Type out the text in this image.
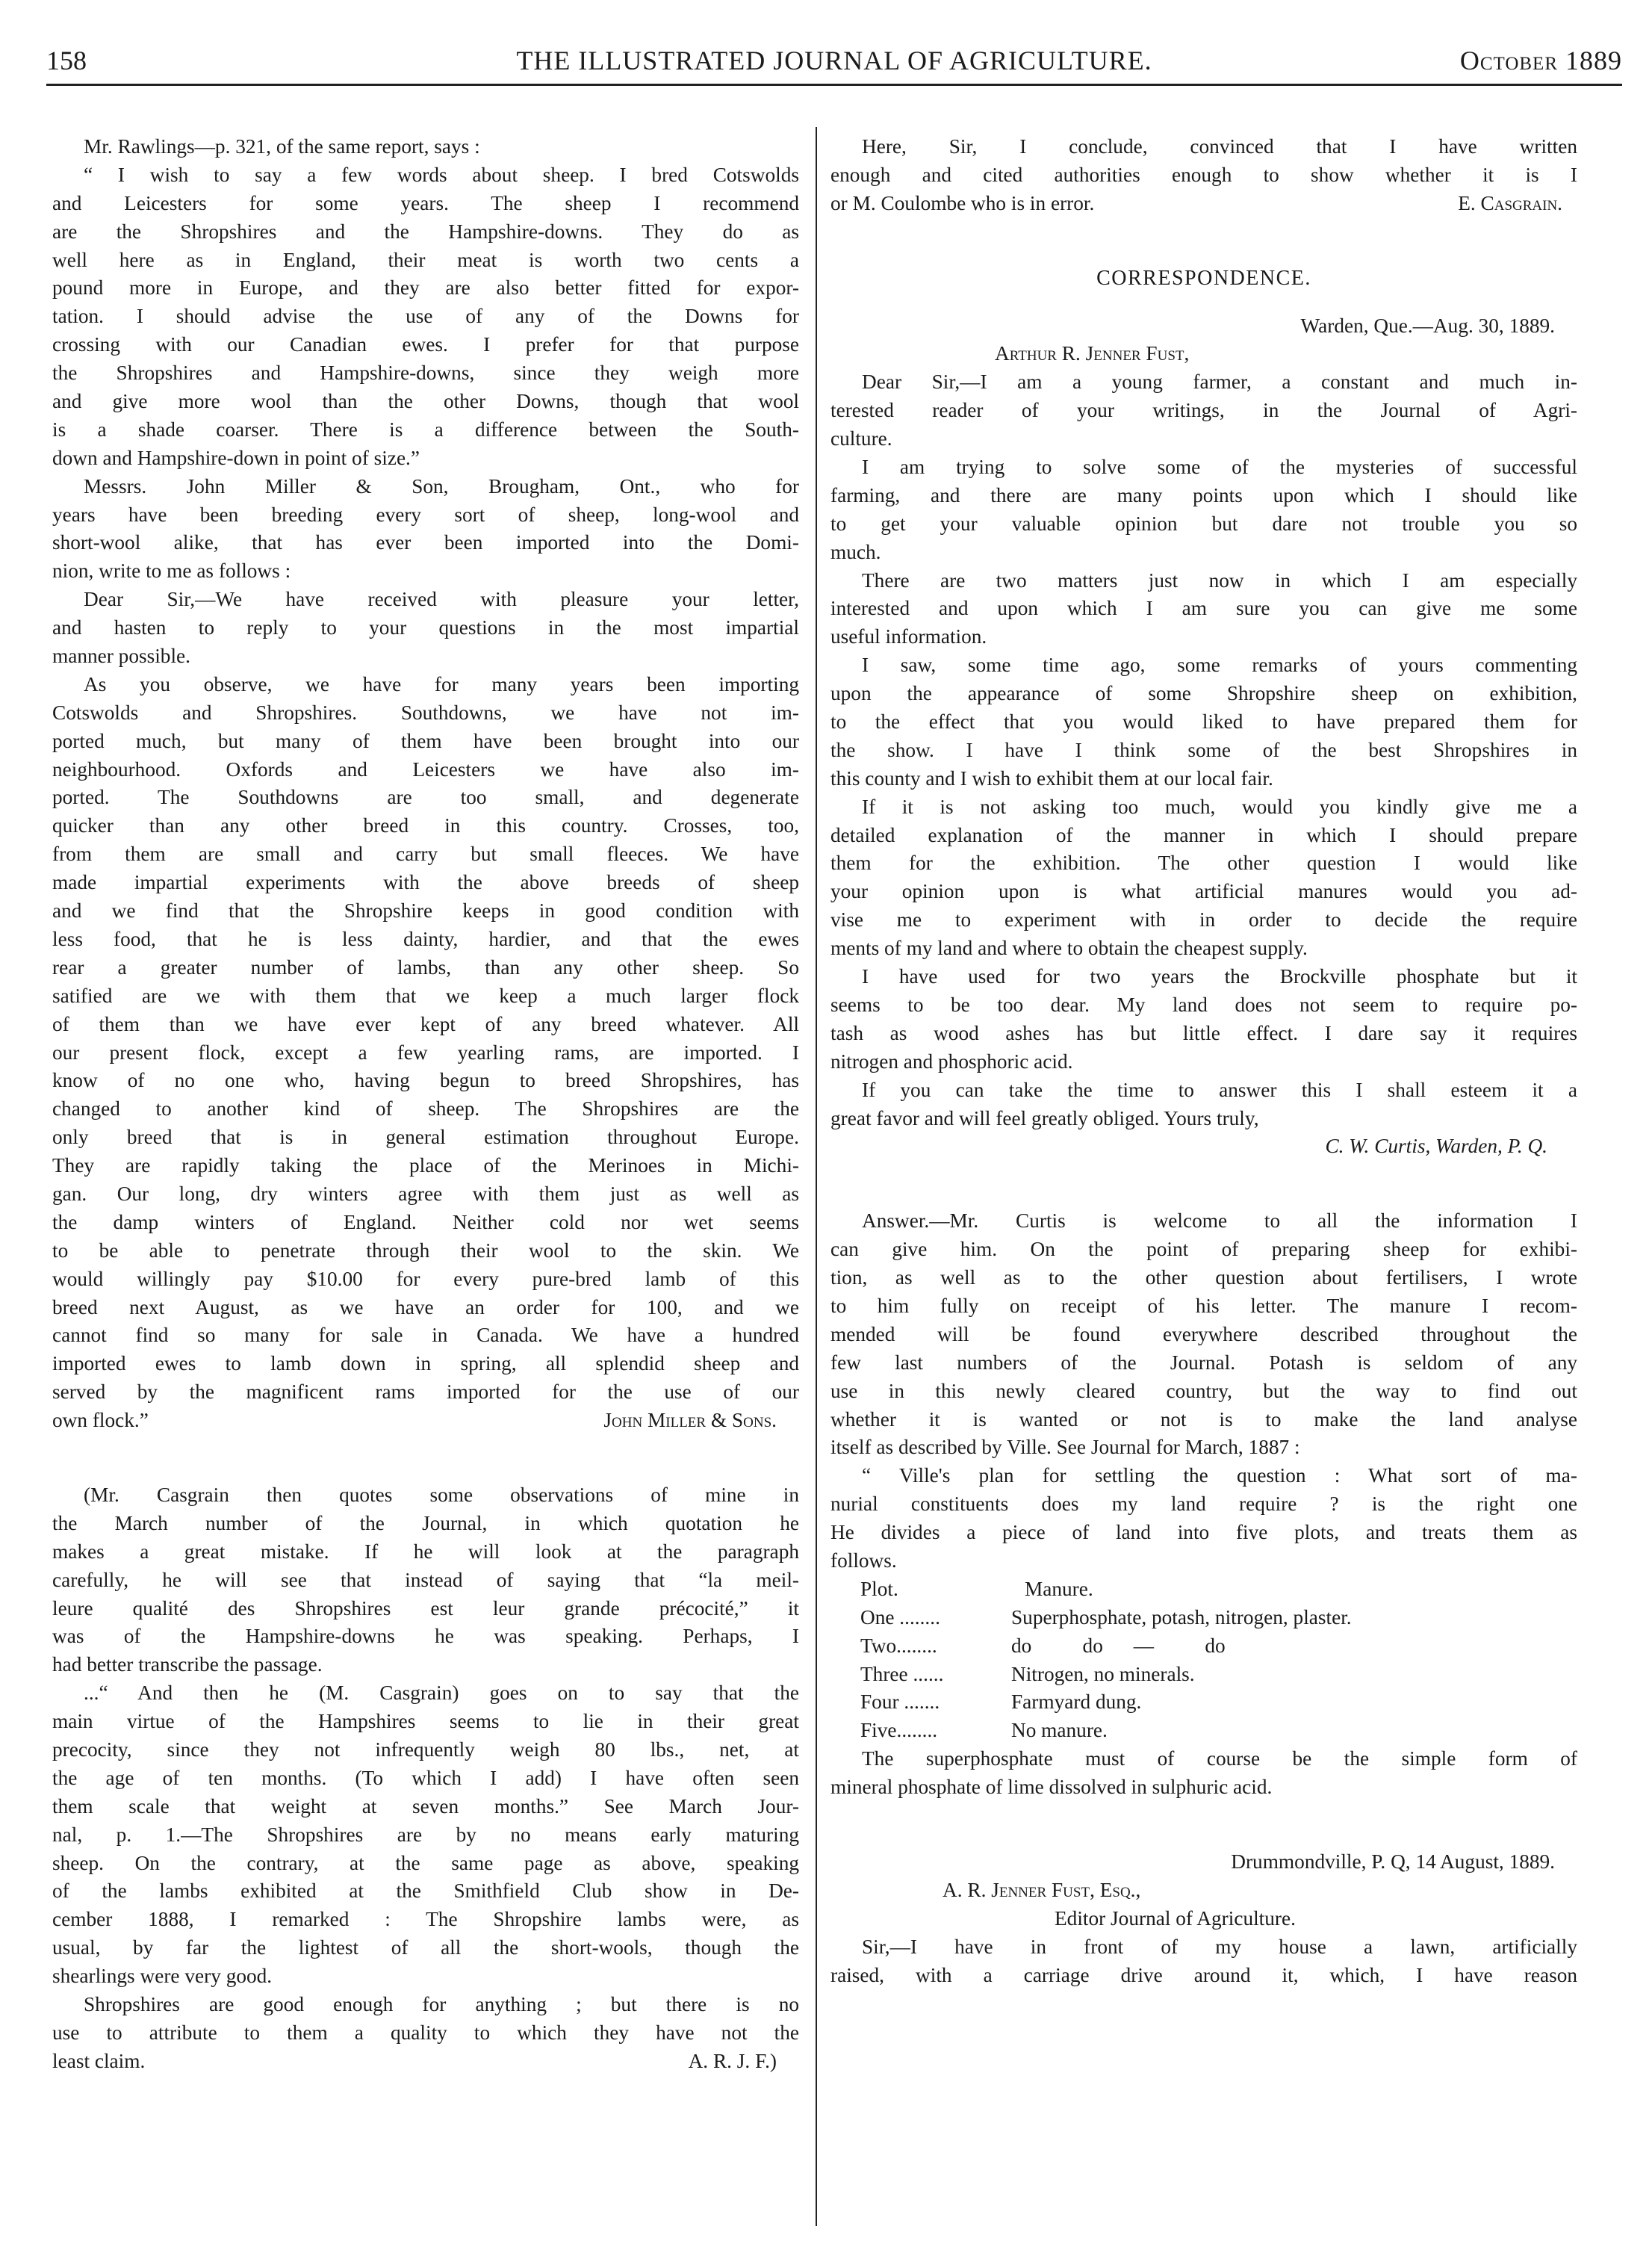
158	THE ILLUSTRATED JOURNAL OF AGRICULTURE.	October 1889
Mr. Rawlings—p. 321, of the same report, says :
“ I wish to say a few words about sheep. I bred Cotswolds
and Leicesters for some years. The sheep I recommend
are the Shropshires and the Hampshire-downs. They do as
well here as in England, their meat is worth two cents a
pound more in Europe, and they are also better fitted for expor-
tation. I should advise the use of any of the Downs for
crossing with our Canadian ewes. I prefer for that purpose
the Shropshires and Hampshire-downs, since they weigh more
and give more wool than the other Downs, though that wool
is a shade coarser. There is a difference between the South-
down and Hampshire-down in point of size.”
Messrs. John Miller & Son, Brougham, Ont., who for
years have been breeding every sort of sheep, long-wool and
short-wool alike, that has ever been imported into the Domi-
nion, write to me as follows :
Dear Sir,—We have received with pleasure your letter,
and hasten to reply to your questions in the most impartial
manner possible.
As you observe, we have for many years been importing
Cotswolds and Shropshires. Southdowns, we have not im-
ported much, but many of them have been brought into our
neighbourhood. Oxfords and Leicesters we have also im-
ported. The Southdowns are too small, and degenerate
quicker than any other breed in this country. Crosses, too,
from them are small and carry but small fleeces. We have
made impartial experiments with the above breeds of sheep
and we find that the Shropshire keeps in good condition with
less food, that he is less dainty, hardier, and that the ewes
rear a greater number of lambs, than any other sheep. So
satified are we with them that we keep a much larger flock
of them than we have ever kept of any breed whatever. All
our present flock, except a few yearling rams, are imported. I
know of no one who, having begun to breed Shropshires, has
changed to another kind of sheep. The Shropshires are the
only breed that is in general estimation throughout Europe.
They are rapidly taking the place of the Merinoes in Michi-
gan. Our long, dry winters agree with them just as well as
the damp winters of England. Neither cold nor wet seems
to be able to penetrate through their wool to the skin. We
would willingly pay $10.00 for every pure-bred lamb of this
breed next August, as we have an order for 100, and we
cannot find so many for sale in Canada. We have a hundred
imported ewes to lamb down in spring, all splendid sheep and
served by the magnificent rams imported for the use of our
own flock.”	John Miller & Sons.
(Mr. Casgrain then quotes some observations of mine in
the March number of the Journal, in which quotation he
makes a great mistake. If he will look at the paragraph
carefully, he will see that instead of saying that “la meil-
leure qualité des Shropshires est leur grande précocité,” it
was of the Hampshire-downs he was speaking. Perhaps, I
had better transcribe the passage.
...“ And then he (M. Casgrain) goes on to say that the
main virtue of the Hampshires seems to lie in their great
precocity, since they not infrequently weigh 80 lbs., net, at
the age of ten months. (To which I add) I have often seen
them scale that weight at seven months.” See March Jour-
nal, p. 1.—The Shropshires are by no means early maturing
sheep. On the contrary, at the same page as above, speaking
of the lambs exhibited at the Smithfield Club show in De-
cember 1888, I remarked : The Shropshire lambs were, as
usual, by far the lightest of all the short-wools, though the
shearlings were very good.
Shropshires are good enough for anything ; but there is no
use to attribute to them a quality to which they have not the
least claim.	A. R. J. F.)
Here, Sir, I conclude, convinced that I have written
enough and cited authorities enough to show whether it is I
or M. Coulombe who is in error.	E. Casgrain.
CORRESPONDENCE.
Warden, Que.—Aug. 30, 1889.
Arthur R. Jenner Fust,
Dear Sir,—I am a young farmer, a constant and much in-
terested reader of your writings, in the Journal of Agri-
culture.
I am trying to solve some of the mysteries of successful
farming, and there are many points upon which I should like
to get your valuable opinion but dare not trouble you so
much.
There are two matters just now in which I am especially
interested and upon which I am sure you can give me some
useful information.
I saw, some time ago, some remarks of yours commenting
upon the appearance of some Shropshire sheep on exhibition,
to the effect that you would liked to have prepared them for
the show. I have I think some of the best Shropshires in
this county and I wish to exhibit them at our local fair.
If it is not asking too much, would you kindly give me a
detailed explanation of the manner in which I should prepare
them for the exhibition. The other question I would like
your opinion upon is what artificial manures would you ad-
vise me to experiment with in order to decide the require
ments of my land and where to obtain the cheapest supply.
I have used for two years the Brockville phosphate but it
seems to be too dear. My land does not seem to require po-
tash as wood ashes has but little effect. I dare say it requires
nitrogen and phosphoric acid.
If you can take the time to answer this I shall esteem it a
great favor and will feel greatly obliged. Yours truly,
C. W. Curtis, Warden, P. Q.
Answer.—Mr. Curtis is welcome to all the information I
can give him. On the point of preparing sheep for exhibi-
tion, as well as to the other question about fertilisers, I wrote
to him fully on receipt of his letter. The manure I recom-
mended will be found everywhere described throughout the
few last numbers of the Journal. Potash is seldom of any
use in this newly cleared country, but the way to find out
whether it is wanted or not is to make the land analyse
itself as described by Ville. See Journal for March, 1887 :
“ Ville's plan for settling the question : What sort of ma-
nurial constituents does my land require ? is the right one
He divides a piece of land into five plots, and treats them as
follows.
Plot.	Manure.
One ........	Superphosphate, potash, nitrogen, plaster.
Two........	do          do      —          do
Three ......	Nitrogen, no minerals.
Four .......	Farmyard dung.
Five........	No manure.
The superphosphate must of course be the simple form of
mineral phosphate of lime dissolved in sulphuric acid.
Drummondville, P. Q, 14 August, 1889.
A. R. Jenner Fust, Esq.,
Editor Journal of Agriculture.
Sir,—I have in front of my house a lawn, artificially
raised, with a carriage drive around it, which, I have reason
